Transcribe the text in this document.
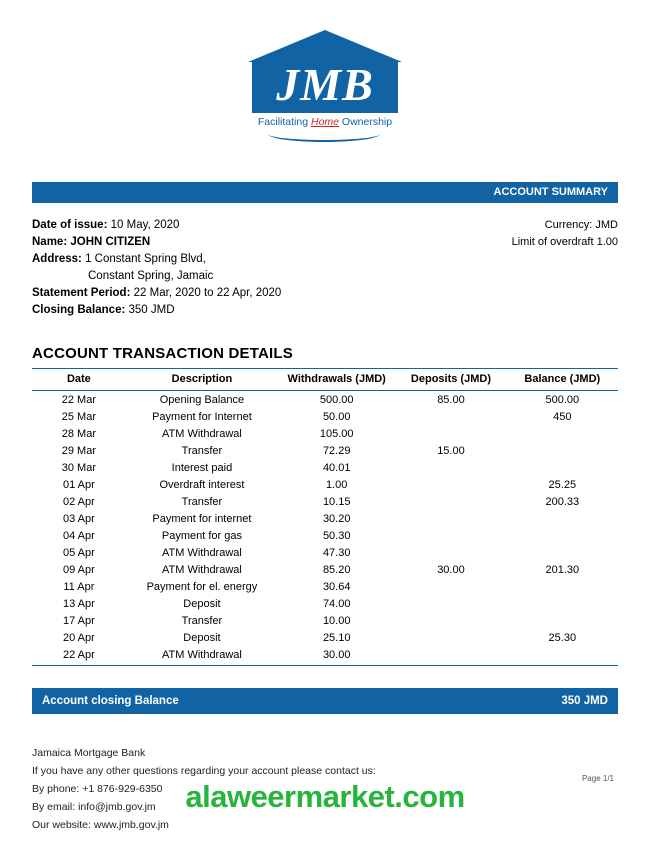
JMB
Facilitating Home Ownership
ACCOUNT SUMMARY
Date of issue: 10 May, 2020
Name: JOHN CITIZEN
Address: 1 Constant Spring Blvd,
Constant Spring, Jamaic
Statement Period: 22 Mar, 2020 to 22 Apr, 2020
Closing Balance: 350 JMD
Currency: JMD
Limit of overdraft 1.00
ACCOUNT TRANSACTION DETAILS
Date	Description	Withdrawals (JMD)	Deposits (JMD)	Balance (JMD)
22 Mar	Opening Balance	500.00	85.00	500.00
25 Mar	Payment for Internet	50.00		450
28 Mar	ATM Withdrawal	105.00		
29 Mar	Transfer	72.29	15.00	
30 Mar	Interest paid	40.01		
01 Apr	Overdraft interest	1.00		25.25
02 Apr	Transfer	10.15		200.33
03 Apr	Payment for internet	30.20		
04 Apr	Payment for gas	50.30		
05 Apr	ATM Withdrawal	47.30		
09 Apr	ATM Withdrawal	85.20	30.00	201.30
11 Apr	Payment for el. energy	30.64		
13 Apr	Deposit	74.00		
17 Apr	Transfer	10.00		
20 Apr	Deposit	25.10		25.30
22 Apr	ATM Withdrawal	30.00		
Account closing Balance	350 JMD
Jamaica Mortgage Bank
If you have any other questions regarding your account please contact us:
By phone: +1 876-929-6350
By email: info@jmb.gov.jm
Our website: www.jmb.gov.jm
Page 1/1
alaweermarket.com
